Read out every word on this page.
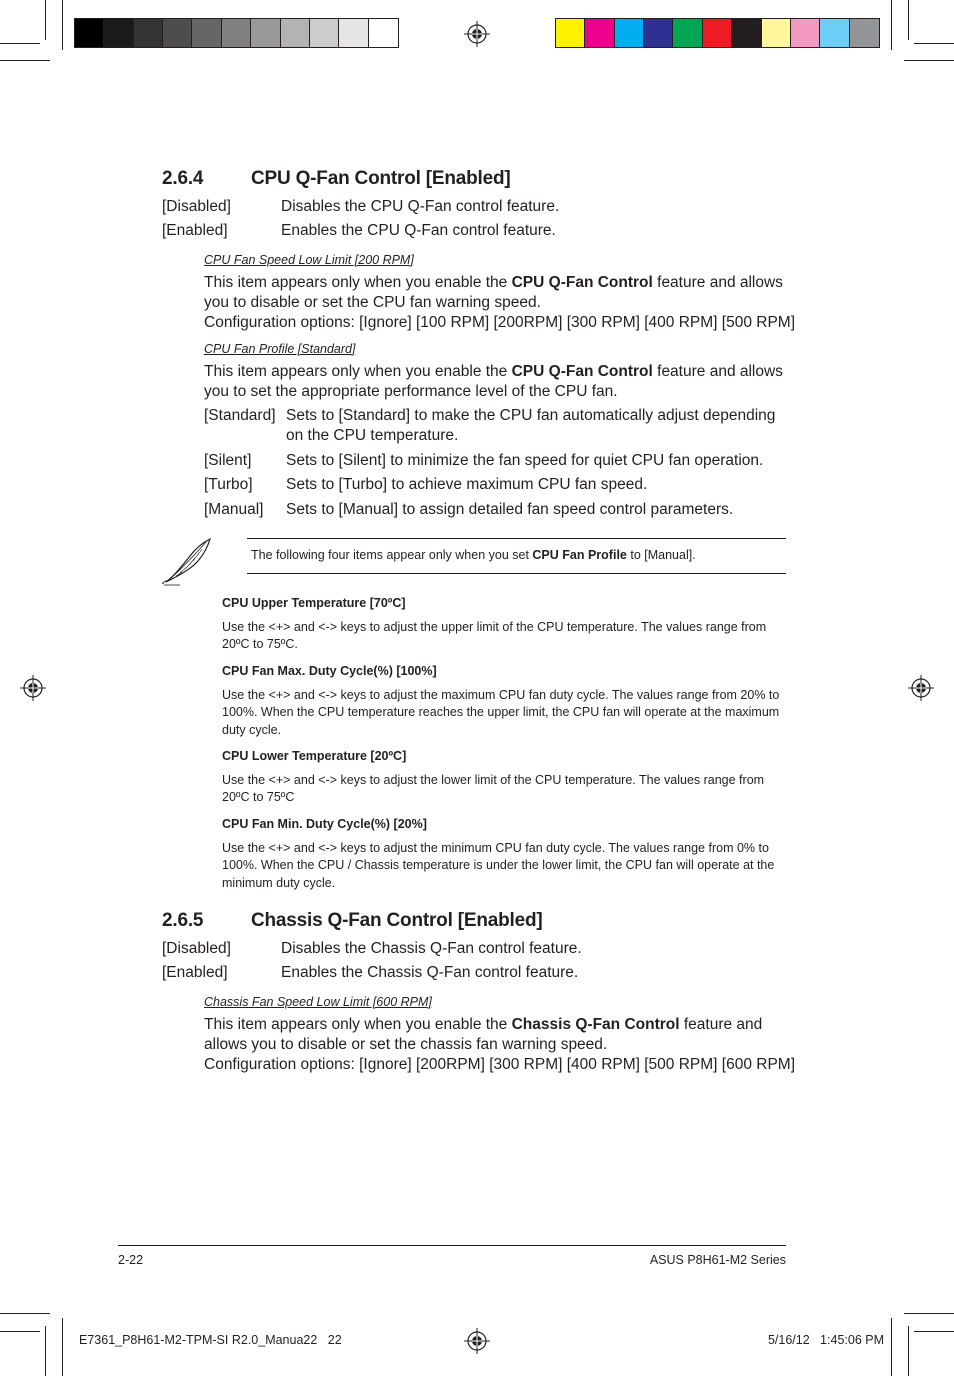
2.6.4	CPU Q-Fan Control [Enabled]
[Disabled]	Disables the CPU Q-Fan control feature.
[Enabled]	Enables the CPU Q-Fan control feature.
CPU Fan Speed Low Limit [200 RPM]
This item appears only when you enable the CPU Q-Fan Control feature and allows
you to disable or set the CPU fan warning speed.
Configuration options: [Ignore] [100 RPM] [200RPM] [300 RPM] [400 RPM] [500 RPM]
CPU Fan Profile [Standard]
This item appears only when you enable the CPU Q-Fan Control feature and allows
you to set the appropriate performance level of the CPU fan.
[Standard] Sets to [Standard] to make the CPU fan automatically adjust depending on the CPU temperature.
[Silent] Sets to [Silent] to minimize the fan speed for quiet CPU fan operation.
[Turbo] Sets to [Turbo] to achieve maximum CPU fan speed.
[Manual] Sets to [Manual] to assign detailed fan speed control parameters.
The following four items appear only when you set CPU Fan Profile to [Manual].
CPU Upper Temperature [70ºC]
Use the <+> and <-> keys to adjust the upper limit of the CPU temperature. The values range from 20ºC to 75ºC.
CPU Fan Max. Duty Cycle(%) [100%]
Use the <+> and <-> keys to adjust the maximum CPU fan duty cycle. The values range from 20% to 100%. When the CPU temperature reaches the upper limit, the CPU fan will operate at the maximum duty cycle.
CPU Lower Temperature [20ºC]
Use the <+> and <-> keys to adjust the lower limit of the CPU temperature. The values range from 20ºC to 75ºC
CPU Fan Min. Duty Cycle(%) [20%]
Use the <+> and <-> keys to adjust the minimum CPU fan duty cycle. The values range from 0% to 100%. When the CPU / Chassis temperature is under the lower limit, the CPU fan will operate at the minimum duty cycle.
2.6.5	Chassis Q-Fan Control [Enabled]
[Disabled]	Disables the Chassis Q-Fan control feature.
[Enabled]	Enables the Chassis Q-Fan control feature.
Chassis Fan Speed Low Limit [600 RPM]
This item appears only when you enable the Chassis Q-Fan Control feature and
allows you to disable or set the chassis fan warning speed.
Configuration options: [Ignore] [200RPM] [300 RPM] [400 RPM] [500 RPM] [600 RPM]
2-22	ASUS P8H61-M2 Series
E7361_P8H61-M2-TPM-SI R2.0_Manua22   22	5/16/12   1:45:06 PM
